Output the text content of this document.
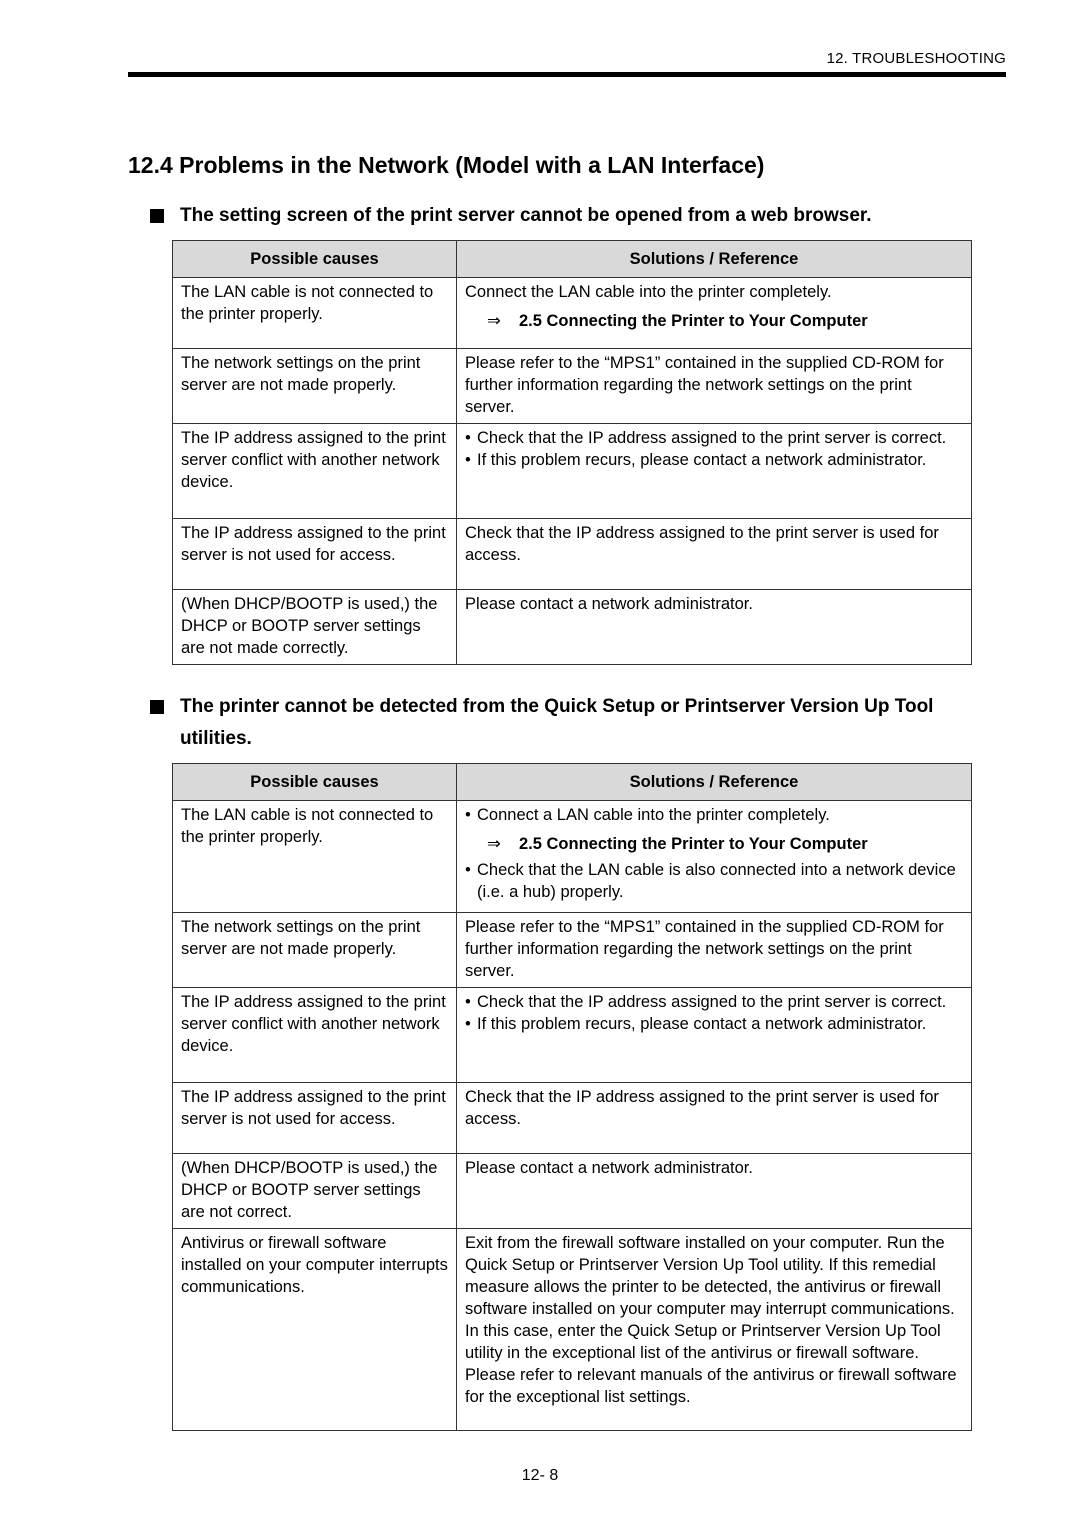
12. TROUBLESHOOTING
12.4 Problems in the Network (Model with a LAN Interface)
The setting screen of the print server cannot be opened from a web browser.
Possible causes	Solutions / Reference

The LAN cable is not connected to the printer properly.	Connect the LAN cable into the printer completely.
⇒ 2.5 Connecting the Printer to Your Computer

The network settings on the print server are not made properly.	Please refer to the “MPS1” contained in the supplied CD-ROM for further information regarding the network settings on the print server.

The IP address assigned to the print server conflict with another network device.	• Check that the IP address assigned to the print server is correct.
• If this problem recurs, please contact a network administrator.

The IP address assigned to the print server is not used for access.	Check that the IP address assigned to the print server is used for access.

(When DHCP/BOOTP is used,) the DHCP or BOOTP server settings are not made correctly.	Please contact a network administrator.
The printer cannot be detected from the Quick Setup or Printserver Version Up Tool utilities.
Possible causes	Solutions / Reference

The LAN cable is not connected to the printer properly.	• Connect a LAN cable into the printer completely.
⇒ 2.5 Connecting the Printer to Your Computer
• Check that the LAN cable is also connected into a network device (i.e. a hub) properly.

The network settings on the print server are not made properly.	Please refer to the “MPS1” contained in the supplied CD-ROM for further information regarding the network settings on the print server.

The IP address assigned to the print server conflict with another network device.	• Check that the IP address assigned to the print server is correct.
• If this problem recurs, please contact a network administrator.

The IP address assigned to the print server is not used for access.	Check that the IP address assigned to the print server is used for access.

(When DHCP/BOOTP is used,) the DHCP or BOOTP server settings are not correct.	Please contact a network administrator.

Antivirus or firewall software installed on your computer interrupts communications.	Exit from the firewall software installed on your computer. Run the Quick Setup or Printserver Version Up Tool utility. If this remedial measure allows the printer to be detected, the antivirus or firewall software installed on your computer may interrupt communications. In this case, enter the Quick Setup or Printserver Version Up Tool utility in the exceptional list of the antivirus or firewall software.
Please refer to relevant manuals of the antivirus or firewall software for the exceptional list settings.
12- 8
